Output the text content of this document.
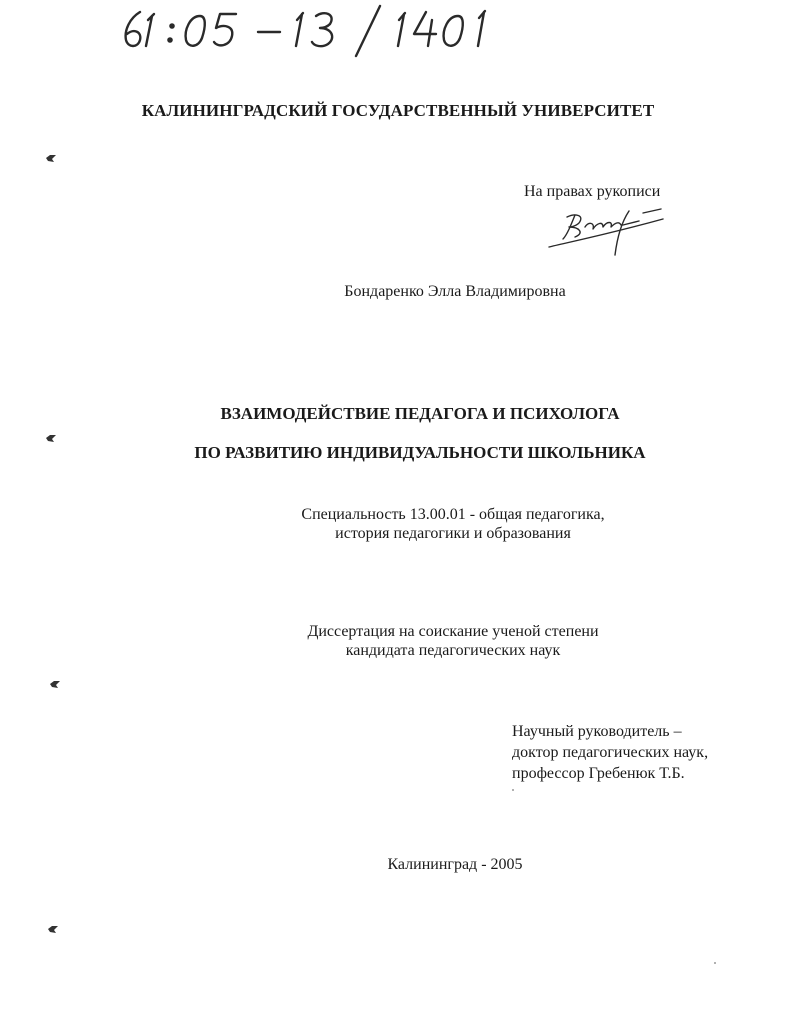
КАЛИНИНГРАДСКИЙ ГОСУДАРСТВЕННЫЙ УНИВЕРСИТЕТ
На правах рукописи
Бондаренко Элла Владимировна
ВЗАИМОДЕЙСТВИЕ ПЕДАГОГА И ПСИХОЛОГА
ПО РАЗВИТИЮ ИНДИВИДУАЛЬНОСТИ ШКОЛЬНИКА
Специальность 13.00.01 - общая педагогика,
история педагогики и образования
Диссертация на соискание ученой степени
кандидата педагогических наук
Научный руководитель –
доктор педагогических наук,
профессор Гребенюк Т.Б.
Калининград - 2005
